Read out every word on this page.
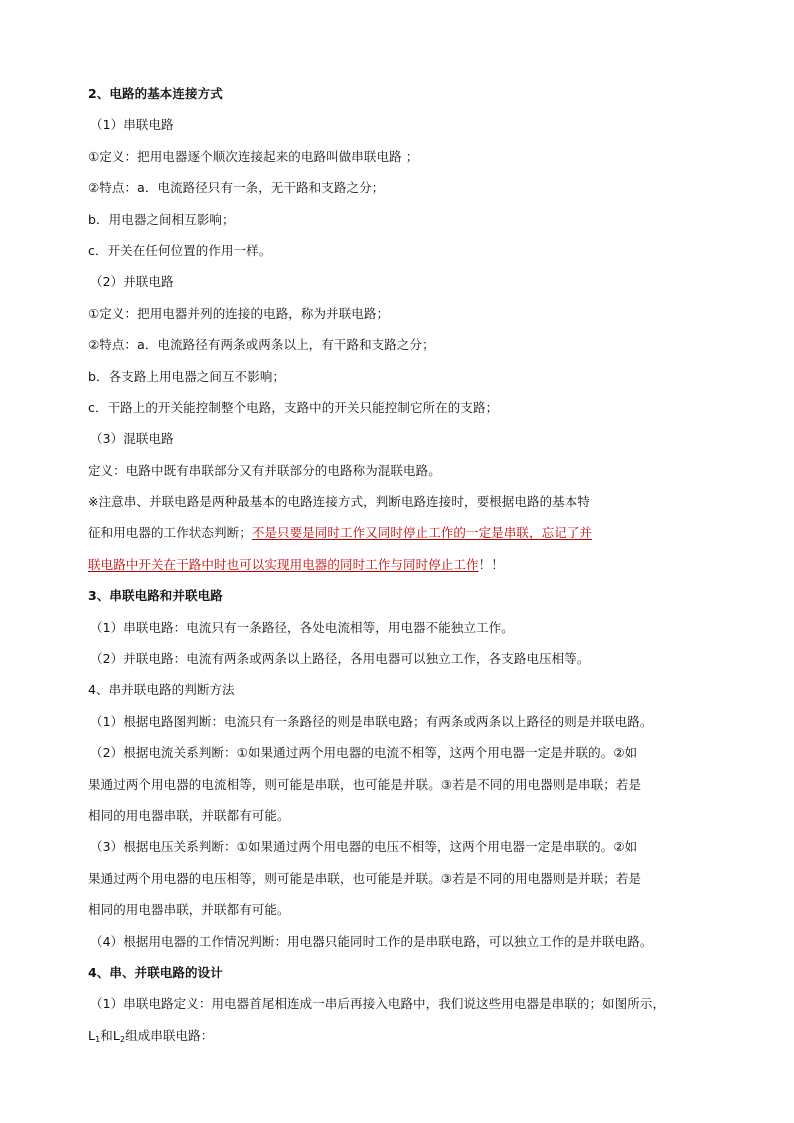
2、电路的基本连接方式
（1）串联电路
①定义：把用电器逐个顺次连接起来的电路叫做串联电路 ；
②特点：a．电流路径只有一条，无干路和支路之分；
b．用电器之间相互影响；
c．开关在任何位置的作用一样。
（2）并联电路
①定义：把用电器并列的连接的电路，称为并联电路；
②特点：a．电流路径有两条或两条以上，有干路和支路之分；
b．各支路上用电器之间互不影响；
c．干路上的开关能控制整个电路，支路中的开关只能控制它所在的支路；
（3）混联电路
定义：电路中既有串联部分又有并联部分的电路称为混联电路。
※注意串、并联电路是两种最基本的电路连接方式，判断电路连接时，要根据电路的基本特
征和用电器的工作状态判断；不是只要是同时工作又同时停止工作的一定是串联，忘记了并
联电路中开关在干路中时也可以实现用电器的同时工作与同时停止工作！！
3、串联电路和并联电路
（1）串联电路：电流只有一条路径，各处电流相等，用电器不能独立工作。
（2）并联电路：电流有两条或两条以上路径，各用电器可以独立工作，各支路电压相等。
4、串并联电路的判断方法
（1）根据电路图判断：电流只有一条路径的则是串联电路；有两条或两条以上路径的则是并联电路。
（2）根据电流关系判断：①如果通过两个用电器的电流不相等，这两个用电器一定是并联的。②如
果通过两个用电器的电流相等，则可能是串联，也可能是并联。③若是不同的用电器则是串联；若是
相同的用电器串联，并联都有可能。
（3）根据电压关系判断：①如果通过两个用电器的电压不相等，这两个用电器一定是串联的。②如
果通过两个用电器的电压相等，则可能是串联，也可能是并联。③若是不同的用电器则是并联；若是
相同的用电器串联，并联都有可能。
（4）根据用电器的工作情况判断：用电器只能同时工作的是串联电路，可以独立工作的是并联电路。
4、串、并联电路的设计
（1）串联电路定义：用电器首尾相连成一串后再接入电路中，我们说这些用电器是串联的；如图所示，
$L_1$和$L_2$组成串联电路：
